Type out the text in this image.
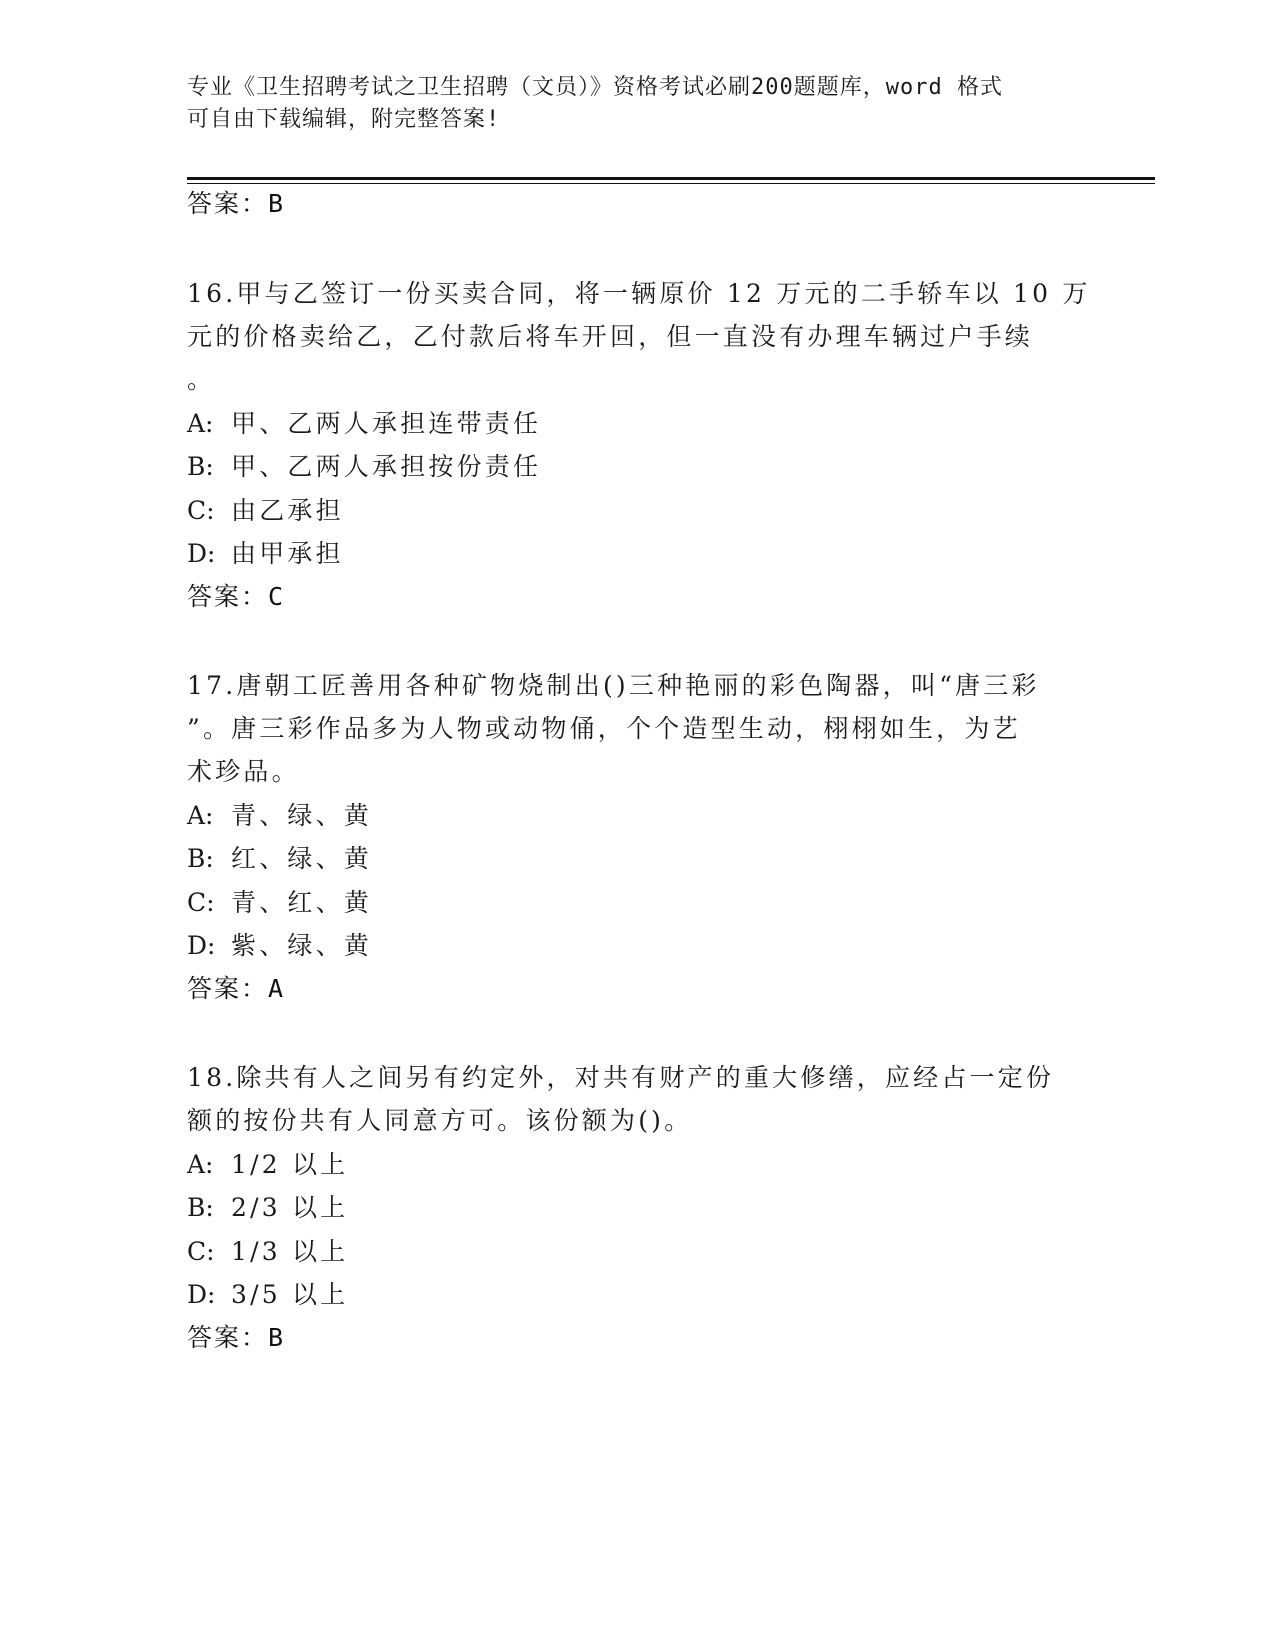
专业《卫生招聘考试之卫生招聘（文员）》资格考试必刷200题题库，word 格式
可自由下载编辑，附完整答案!
答案：B
16.甲与乙签订一份买卖合同，将一辆原价 12 万元的二手轿车以 10 万
元的价格卖给乙，乙付款后将车开回，但一直没有办理车辆过户手续
。
A: 甲、乙两人承担连带责任
B: 甲、乙两人承担按份责任
C: 由乙承担
D: 由甲承担
答案：C
17.唐朝工匠善用各种矿物烧制出()三种艳丽的彩色陶器，叫“唐三彩
”。唐三彩作品多为人物或动物俑，个个造型生动，栩栩如生，为艺
术珍品。
A: 青、绿、黄
B: 红、绿、黄
C: 青、红、黄
D: 紫、绿、黄
答案：A
18.除共有人之间另有约定外，对共有财产的重大修缮，应经占一定份
额的按份共有人同意方可。该份额为()。
A: 1/2 以上
B: 2/3 以上
C: 1/3 以上
D: 3/5 以上
答案：B
